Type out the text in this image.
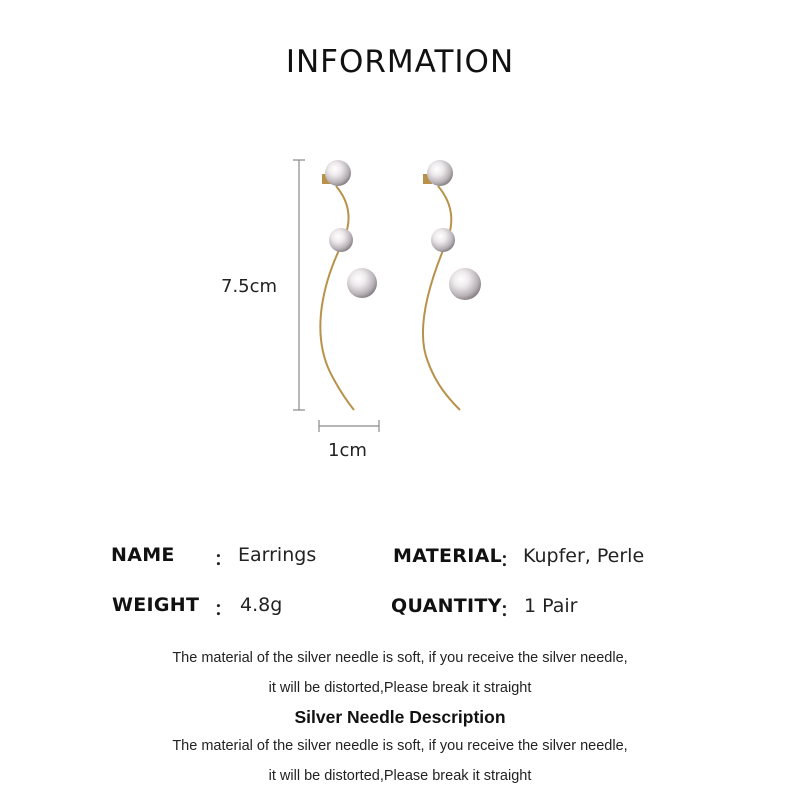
INFORMATION
7.5cm
1cm
NAME ： Earrings	MATERIAL
： Kupfer, Perle
WEIGHT ： 4.8g	QUANTITY
： 1 Pair
The material of the silver needle is soft, if you receive the silver needle,
it will be distorted,Please break it straight
Silver Needle Description
The material of the silver needle is soft, if you receive the silver needle,
it will be distorted,Please break it straight
